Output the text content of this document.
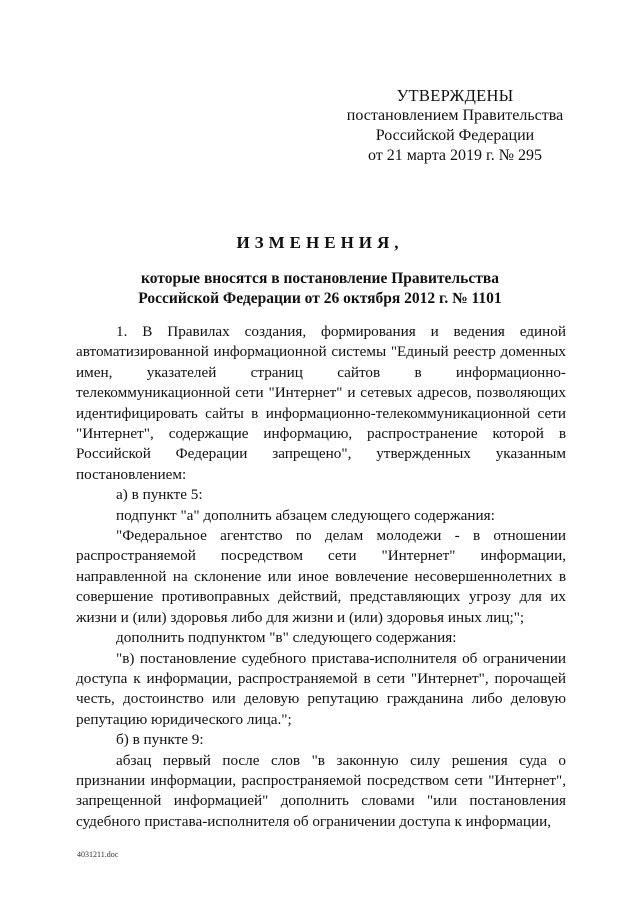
УТВЕРЖДЕНЫ
постановлением Правительства
Российской Федерации
от 21 марта 2019 г. № 295
ИЗМЕНЕНИЯ,
которые вносятся в постановление Правительства
Российской Федерации от 26 октября 2012 г. № 1101

1. В Правилах создания, формирования и ведения единой автоматизированной информационной системы "Единый реестр доменных имен, указателей страниц сайтов в информационно-телекоммуникационной сети "Интернет" и сетевых адресов, позволяющих идентифицировать сайты в информационно-телекоммуникационной сети "Интернет", содержащие информацию, распространение которой в Российской Федерации запрещено", утвержденных указанным постановлением:

а) в пункте 5:

подпункт "а" дополнить абзацем следующего содержания:

"Федеральное агентство по делам молодежи - в отношении распространяемой посредством сети "Интернет" информации, направленной на склонение или иное вовлечение несовершеннолетних в совершение противоправных действий, представляющих угрозу для их жизни и (или) здоровья либо для жизни и (или) здоровья иных лиц;";

дополнить подпунктом "в" следующего содержания:

"в) постановление судебного пристава-исполнителя об ограничении доступа к информации, распространяемой в сети "Интернет", порочащей честь, достоинство или деловую репутацию гражданина либо деловую репутацию юридического лица.";

б) в пункте 9:

абзац первый после слов "в законную силу решения суда о признании информации, распространяемой посредством сети "Интернет", запрещенной информацией" дополнить словами "или постановления судебного пристава-исполнителя об ограничении доступа к информации,

4031211.doc
